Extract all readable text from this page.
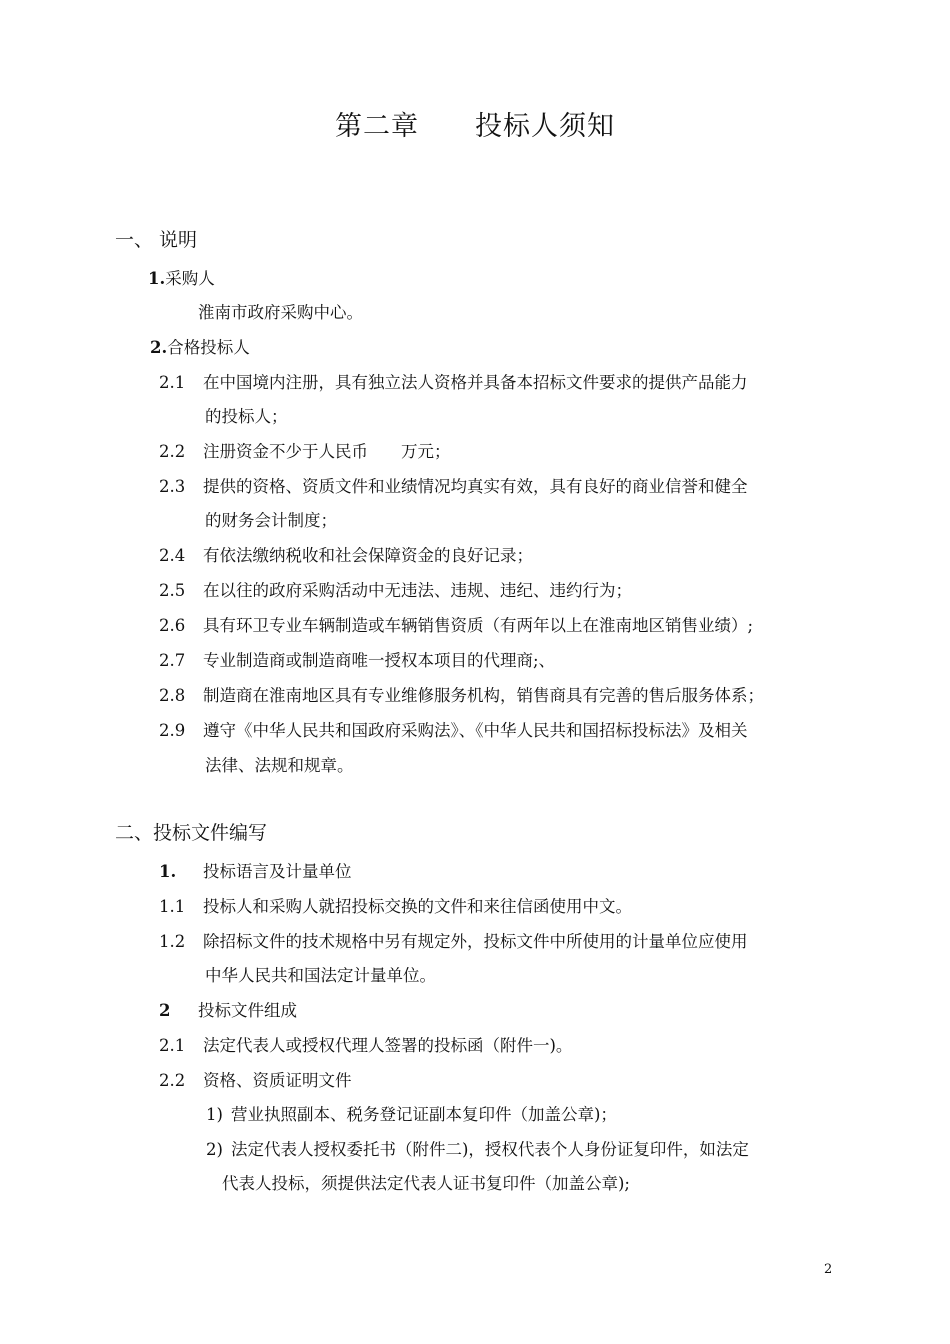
第二章　　投标人须知
一、 说明
1.采购人
淮南市政府采购中心。
2.合格投标人
2.1 在中国境内注册，具有独立法人资格并具备本招标文件要求的提供产品能力
的投标人；
2.2 注册资金不少于人民币　　万元；
2.3 提供的资格、资质文件和业绩情况均真实有效，具有良好的商业信誉和健全
的财务会计制度；
2.4 有依法缴纳税收和社会保障资金的良好记录；
2.5 在以往的政府采购活动中无违法、违规、违纪、违约行为；
2.6 具有环卫专业车辆制造或车辆销售资质（有两年以上在淮南地区销售业绩）;
2.7 专业制造商或制造商唯一授权本项目的代理商;、
2.8 制造商在淮南地区具有专业维修服务机构，销售商具有完善的售后服务体系；
2.9 遵守《中华人民共和国政府采购法》、《中华人民共和国招标投标法》及相关
法律、法规和规章。
二、投标文件编写
1. 投标语言及计量单位
1.1 投标人和采购人就招投标交换的文件和来往信函使用中文。
1.2 除招标文件的技术规格中另有规定外，投标文件中所使用的计量单位应使用
中华人民共和国法定计量单位。
2 投标文件组成
2.1 法定代表人或授权代理人签署的投标函（附件一)。
2.2 资格、资质证明文件
1) 营业执照副本、税务登记证副本复印件（加盖公章)；
2) 法定代表人授权委托书（附件二)，授权代表个人身份证复印件，如法定
代表人投标，须提供法定代表人证书复印件（加盖公章);
2
